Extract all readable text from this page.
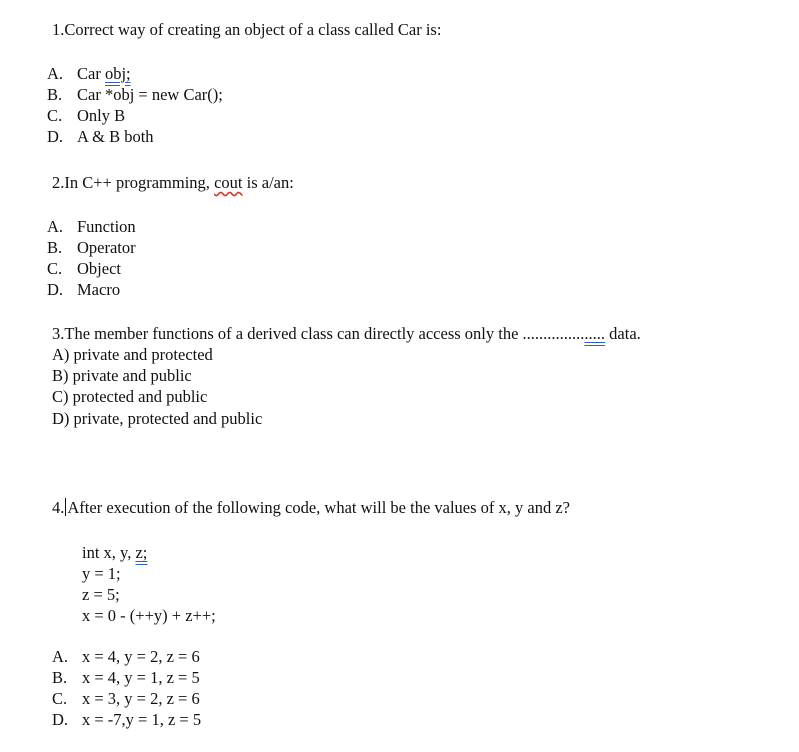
1.Correct way of creating an object of a class called Car is:
A. Car obj;
B. Car *obj = new Car();
C. Only B
D. A & B both
2.In C++ programming, cout is a/an:
A. Function
B. Operator
C. Object
D. Macro
3.The member functions of a derived class can directly access only the .................... data.
A) private and protected
B) private and public
C) protected and public
D) private, protected and public
4. After execution of the following code, what will be the values of x, y and z?
int x, y, z;
y = 1;
z = 5;
x = 0 - (++y) + z++;
A. x = 4, y = 2, z = 6
B. x = 4, y = 1, z = 5
C. x = 3, y = 2, z = 6
D. x = -7,y = 1, z = 5
